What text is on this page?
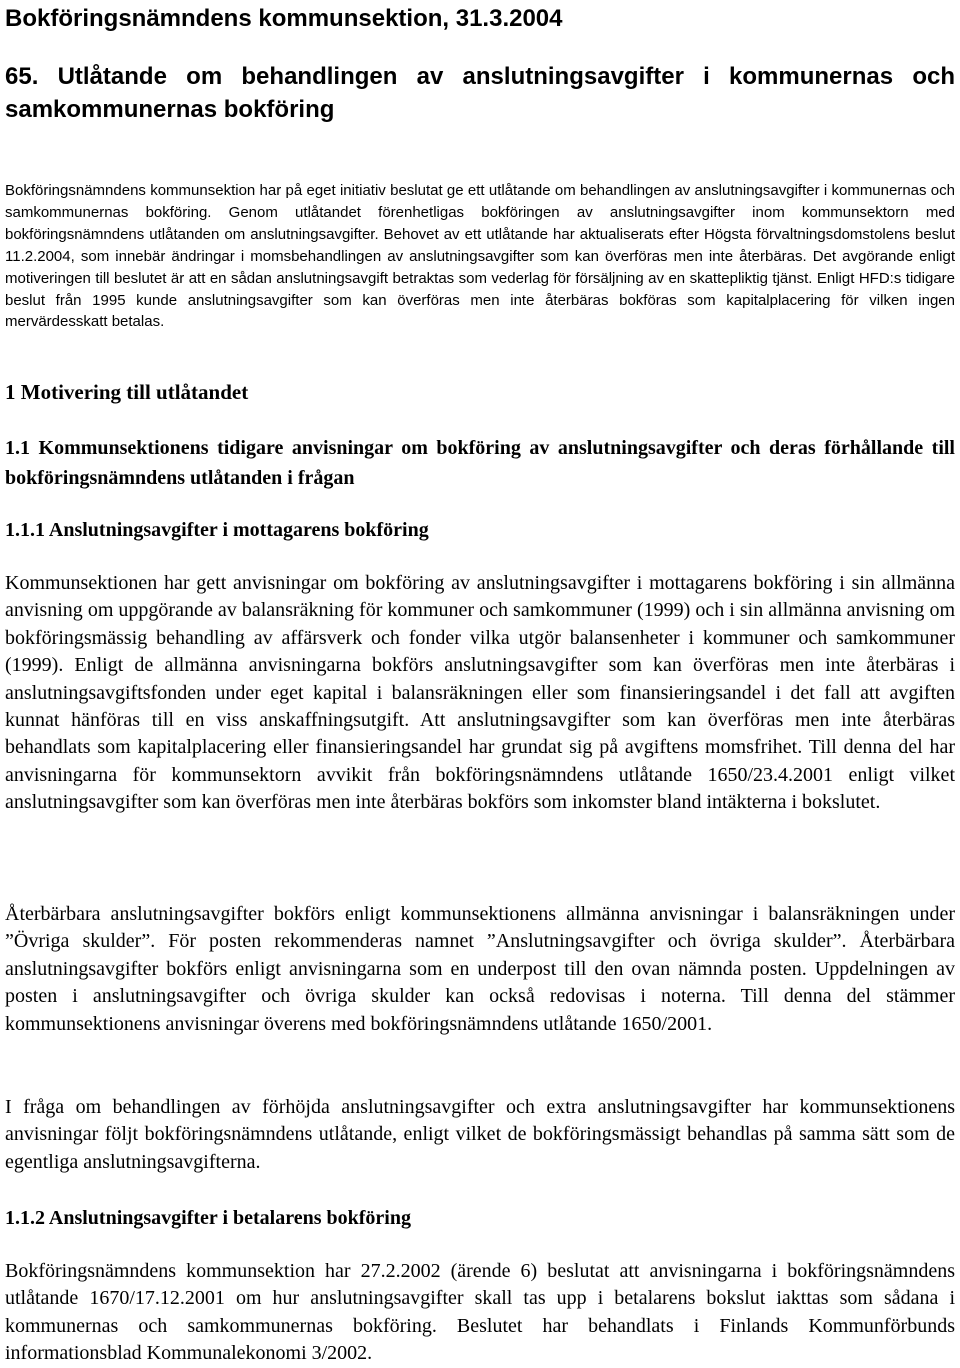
Bokföringsnämndens kommunsektion, 31.3.2004
65. Utlåtande om behandlingen av anslutningsavgifter i kommunernas och samkommunernas bokföring

Bokföringsnämndens kommunsektion har på eget initiativ beslutat ge ett utlåtande om behandlingen av anslutningsavgifter i kommunernas och samkommunernas bokföring. Genom utlåtandet förenhetligas bokföringen av anslutningsavgifter inom kommunsektorn med bokföringsnämndens utlåtanden om anslutningsavgifter. Behovet av ett utlåtande har aktualiserats efter Högsta förvaltningsdomstolens beslut 11.2.2004, som innebär ändringar i momsbehandlingen av anslutningsavgifter som kan överföras men inte återbäras. Det avgörande enligt motiveringen till beslutet är att en sådan anslutningsavgift betraktas som vederlag för försäljning av en skattepliktig tjänst. Enligt HFD:s tidigare beslut från 1995 kunde anslutningsavgifter som kan överföras men inte återbäras bokföras som kapitalplacering för vilken ingen mervärdesskatt betalas.

1 Motivering till utlåtandet
1.1 Kommunsektionens tidigare anvisningar om bokföring av anslutningsavgifter och deras förhållande till bokföringsnämndens utlåtanden i frågan
1.1.1 Anslutningsavgifter i mottagarens bokföring

Kommunsektionen har gett anvisningar om bokföring av anslutningsavgifter i mottagarens bokföring i sin allmänna anvisning om uppgörande av balansräkning för kommuner och samkommuner (1999) och i sin allmänna anvisning om bokföringsmässig behandling av affärsverk och fonder vilka utgör balansenheter i kommuner och samkommuner (1999). Enligt de allmänna anvisningarna bokförs anslutningsavgifter som kan överföras men inte återbäras i anslutningsavgiftsfonden under eget kapital i balansräkningen eller som finansieringsandel i det fall att avgiften kunnat hänföras till en viss anskaffningsutgift. Att anslutningsavgifter som kan överföras men inte återbäras behandlats som kapitalplacering eller finansieringsandel har grundat sig på avgiftens momsfrihet. Till denna del har anvisningarna för kommunsektorn avvikit från bokföringsnämndens utlåtande 1650/23.4.2001 enligt vilket anslutningsavgifter som kan överföras men inte återbäras bokförs som inkomster bland intäkterna i bokslutet.

Återbärbara anslutningsavgifter bokförs enligt kommunsektionens allmänna anvisningar i balansräkningen under ”Övriga skulder”. För posten rekommenderas namnet ”Anslutningsavgifter och övriga skulder”. Återbärbara anslutningsavgifter bokförs enligt anvisningarna som en underpost till den ovan nämnda posten. Uppdelningen av posten i anslutningsavgifter och övriga skulder kan också redovisas i noterna. Till denna del stämmer kommunsektionens anvisningar överens med bokföringsnämndens utlåtande 1650/2001.

I fråga om behandlingen av förhöjda anslutningsavgifter och extra anslutningsavgifter har kommunsektionens anvisningar följt bokföringsnämndens utlåtande, enligt vilket de bokföringsmässigt behandlas på samma sätt som de egentliga anslutningsavgifterna.

1.1.2 Anslutningsavgifter i betalarens bokföring

Bokföringsnämndens kommunsektion har 27.2.2002 (ärende 6) beslutat att anvisningarna i bokföringsnämndens utlåtande 1670/17.12.2001 om hur anslutningsavgifter skall tas upp i betalarens bokslut iakttas som sådana i kommunernas och samkommunernas bokföring. Beslutet har behandlats i Finlands Kommunförbunds informationsblad Kommunalekonomi 3/2002.
